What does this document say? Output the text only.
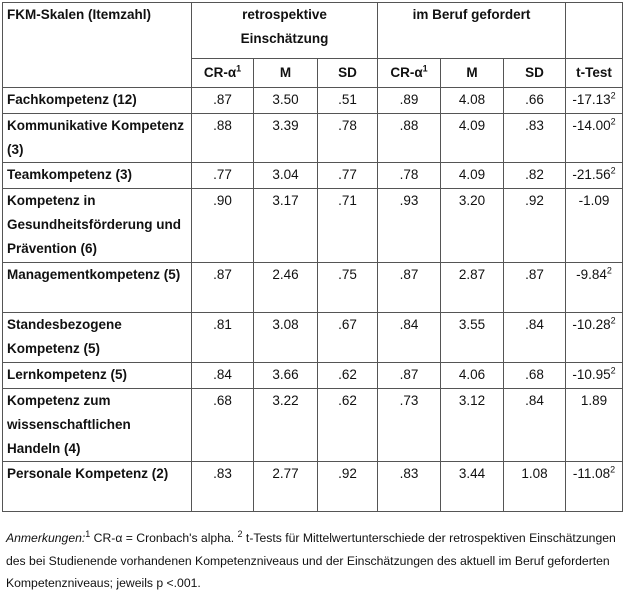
FKM-Skalen (Itemzahl)	retrospektive Einschätzung			im Beruf gefordert			
	$CR-\alpha^1$	M	SD	$CR-\alpha^1$	M	SD	t-Test
Fachkompetenz (12)	.87	3.50	.51	.89	4.08	.66	-17.13$^2$
Kommunikative Kompetenz (3)	.88	3.39	.78	.88	4.09	.83	-14.00$^2$
Teamkompetenz (3)	.77	3.04	.77	.78	4.09	.82	-21.56$^2$
Kompetenz in Gesundheitsförderung und Prävention (6)	.90	3.17	.71	.93	3.20	.92	-1.09
Managementkompetenz (5)	.87	2.46	.75	.87	2.87	.87	-9.84$^2$
Standesbezogene Kompetenz (5)	.81	3.08	.67	.84	3.55	.84	-10.28$^2$
Lernkompetenz (5)	.84	3.66	.62	.87	4.06	.68	-10.95$^2$
Kompetenz zum wissenschaftlichen Handeln (4)	.68	3.22	.62	.73	3.12	.84	1.89
Personale Kompetenz (2)	.83	2.77	.92	.83	3.44	1.08	-11.08$^2$
Anmerkungen:$^1$ CR-α = Cronbach's alpha. $^2$ t-Tests für Mittelwertunterschiede der retrospektiven Einschätzungen des bei Studienende vorhandenen Kompetenzniveaus und der Einschätzungen des aktuell im Beruf geforderten Kompetenzniveaus; jeweils p <.001.
